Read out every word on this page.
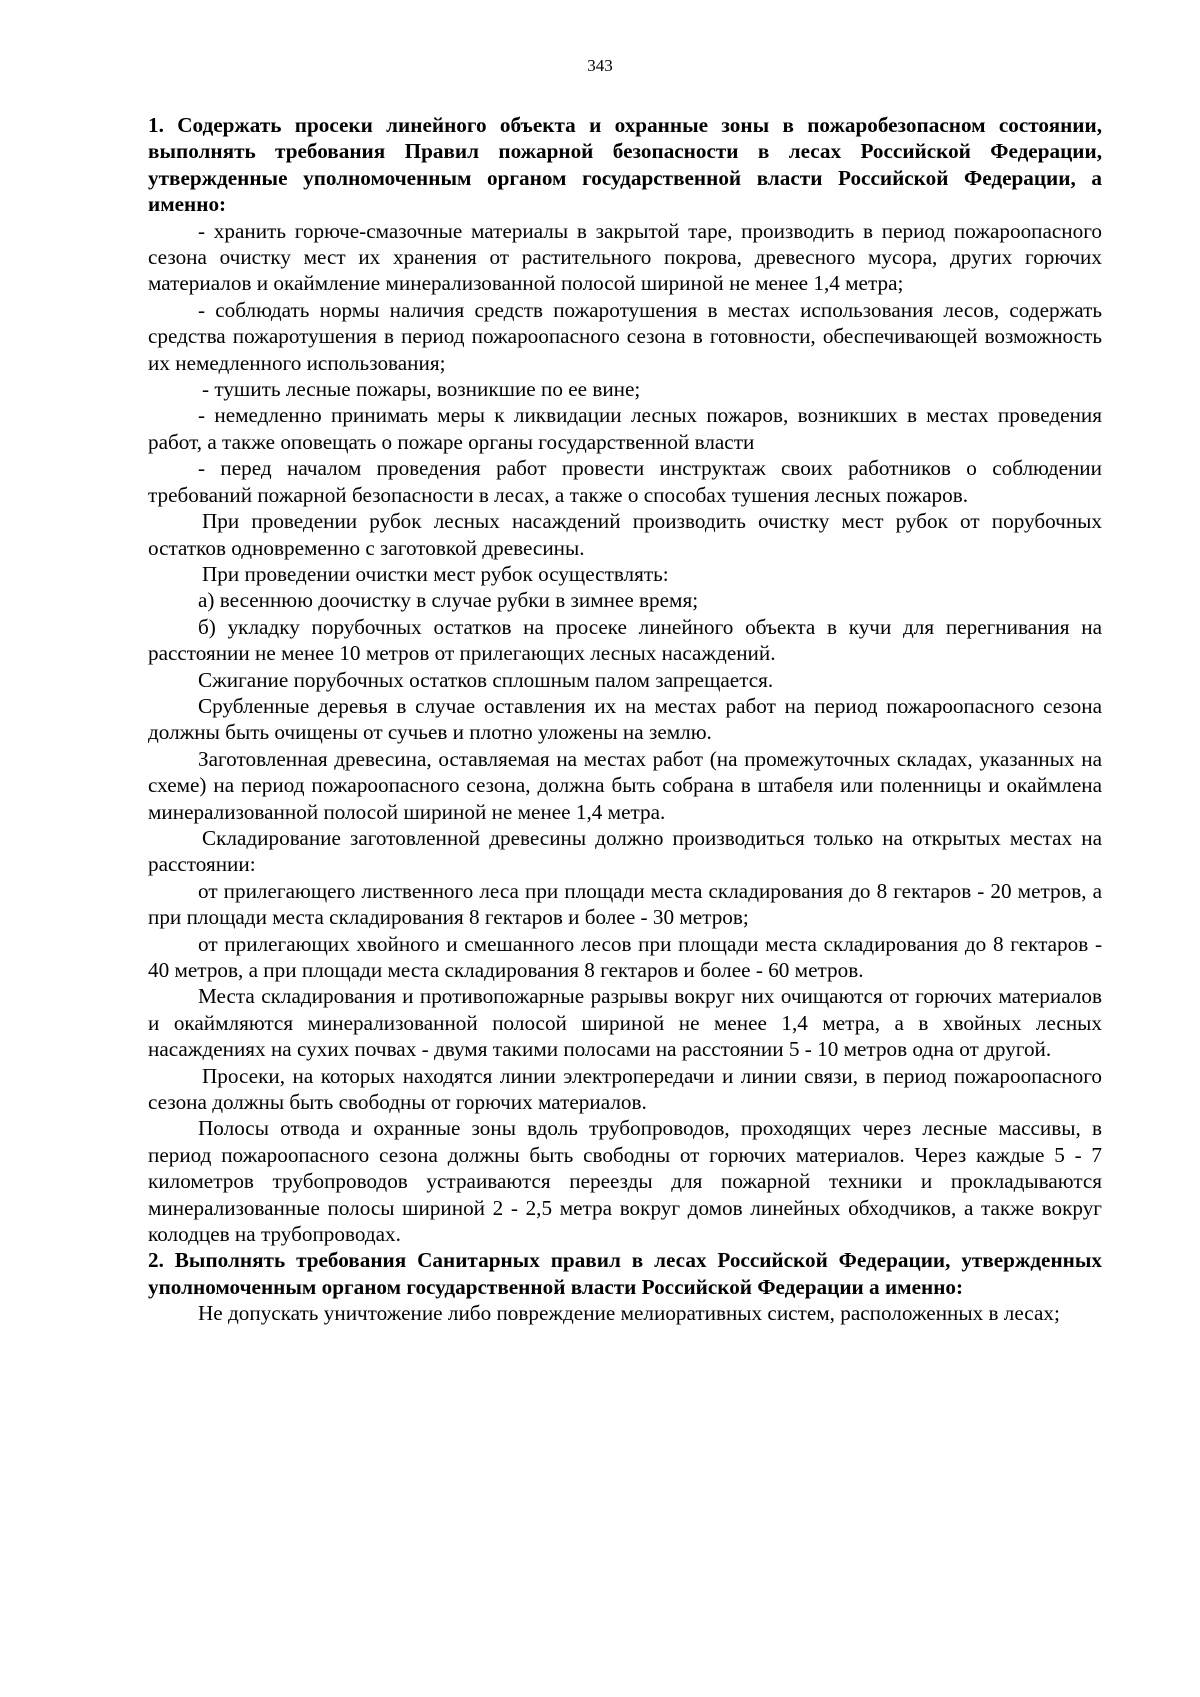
343

1. Содержать просеки линейного объекта и охранные зоны в пожаробезопасном состоянии, выполнять требования Правил пожарной безопасности в лесах Российской Федерации, утвержденные уполномоченным органом государственной власти Российской Федерации, а именно:

- хранить горюче-смазочные материалы в закрытой таре, производить в период пожароопасного сезона очистку мест их хранения от растительного покрова, древесного мусора, других горючих материалов и окаймление минерализованной полосой шириной не менее 1,4 метра;

- соблюдать нормы наличия средств пожаротушения в местах использования лесов, содержать средства пожаротушения в период пожароопасного сезона в готовности, обеспечивающей возможность их немедленного использования;

- тушить лесные пожары, возникшие по ее вине;

- немедленно принимать меры к ликвидации лесных пожаров, возникших в местах проведения работ, а также оповещать о пожаре органы государственной власти

- перед началом проведения работ провести инструктаж своих работников о соблюдении требований пожарной безопасности в лесах, а также о способах тушения лесных пожаров.

При проведении рубок лесных насаждений производить очистку мест рубок от порубочных остатков одновременно с заготовкой древесины.

При проведении очистки мест рубок осуществлять:

а) весеннюю доочистку в случае рубки в зимнее время;

б) укладку порубочных остатков на просеке линейного объекта в кучи для перегнивания на расстоянии не менее 10 метров от прилегающих лесных насаждений.

Сжигание порубочных остатков сплошным палом запрещается.

Срубленные деревья в случае оставления их на местах работ на период пожароопасного сезона должны быть очищены от сучьев и плотно уложены на землю.

Заготовленная древесина, оставляемая на местах работ (на промежуточных складах, указанных на схеме) на период пожароопасного сезона, должна быть собрана в штабеля или поленницы и окаймлена минерализованной полосой шириной не менее 1,4 метра.

Складирование заготовленной древесины должно производиться только на открытых местах на расстоянии:

от прилегающего лиственного леса при площади места складирования до 8 гектаров - 20 метров, а при площади места складирования 8 гектаров и более - 30 метров;

от прилегающих хвойного и смешанного лесов при площади места складирования до 8 гектаров - 40 метров, а при площади места складирования 8 гектаров и более - 60 метров.

Места складирования и противопожарные разрывы вокруг них очищаются от горючих материалов и окаймляются минерализованной полосой шириной не менее 1,4 метра, а в хвойных лесных насаждениях на сухих почвах - двумя такими полосами на расстоянии 5 - 10 метров одна от другой.

Просеки, на которых находятся линии электропередачи и линии связи, в период пожароопасного сезона должны быть свободны от горючих материалов.

Полосы отвода и охранные зоны вдоль трубопроводов, проходящих через лесные массивы, в период пожароопасного сезона должны быть свободны от горючих материалов. Через каждые 5 - 7 километров трубопроводов устраиваются переезды для пожарной техники и прокладываются минерализованные полосы шириной 2 - 2,5 метра вокруг домов линейных обходчиков, а также вокруг колодцев на трубопроводах.

2. Выполнять требования Санитарных правил в лесах Российской Федерации, утвержденных уполномоченным органом государственной власти Российской Федерации а именно:

Не допускать уничтожение либо повреждение мелиоративных систем, расположенных в лесах;
